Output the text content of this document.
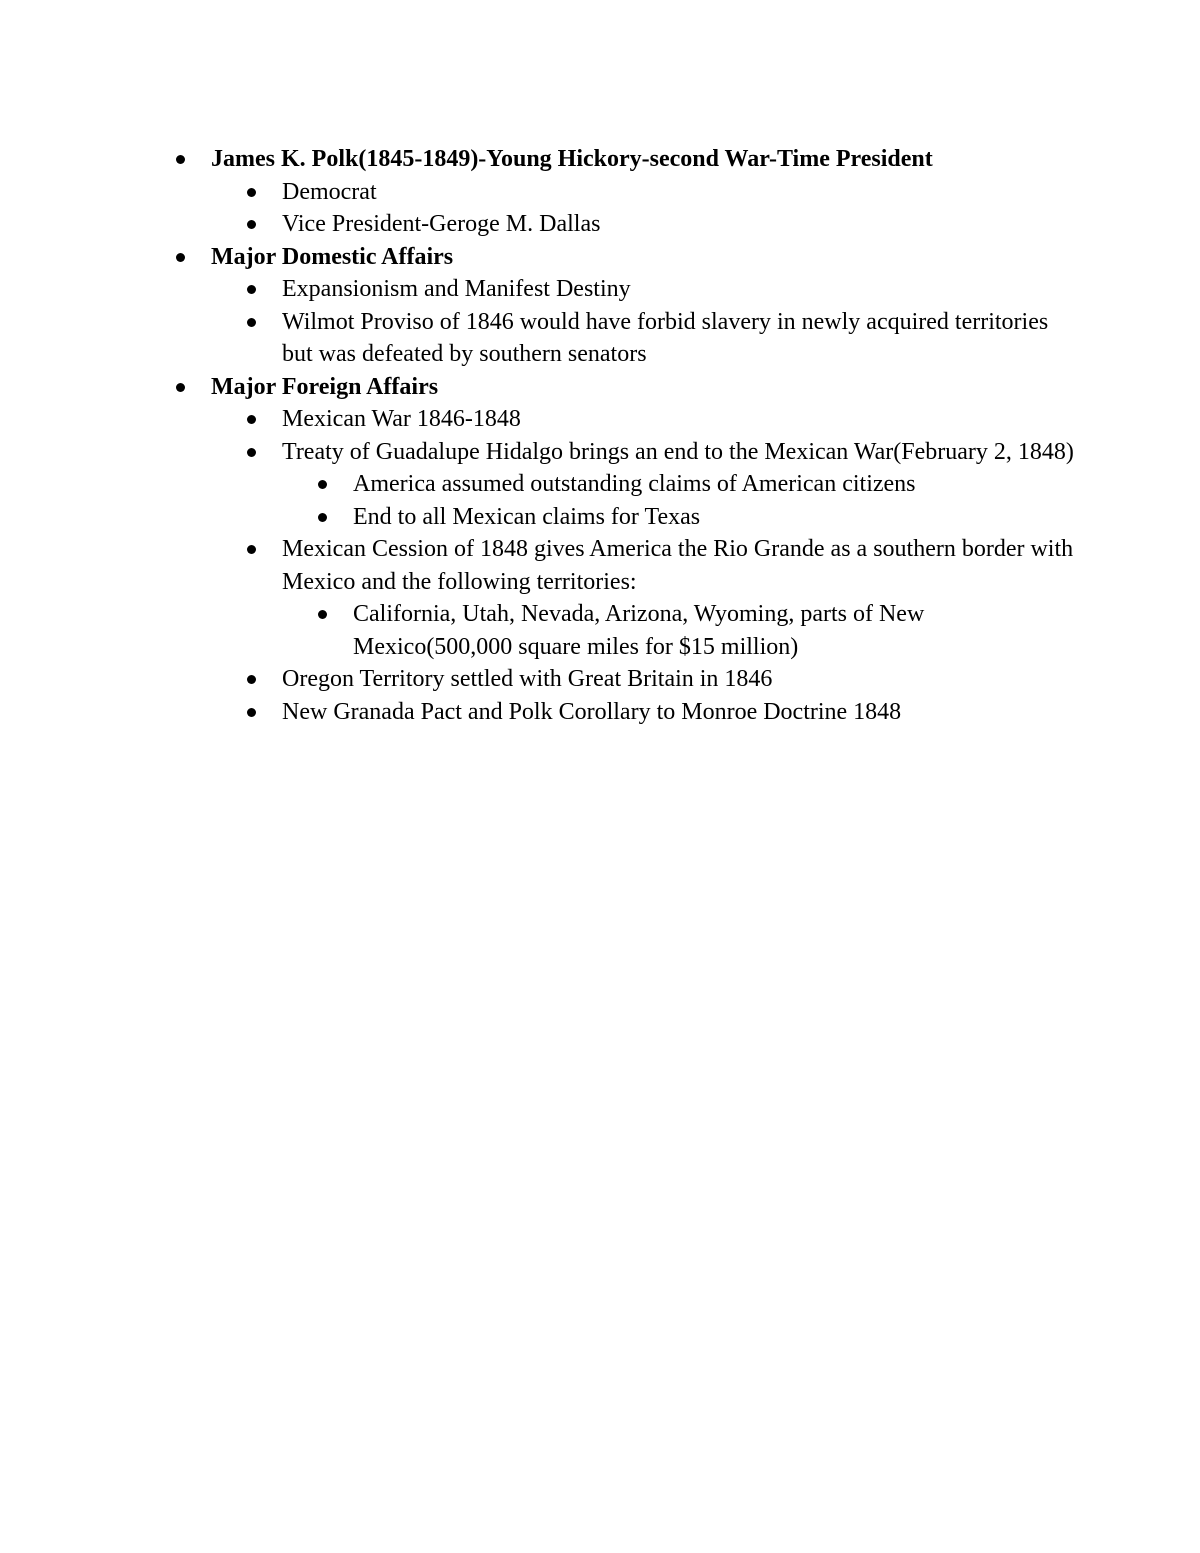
James K. Polk(1845-1849)-Young Hickory-second War-Time President
Democrat
Vice President-Geroge M. Dallas
Major Domestic Affairs
Expansionism and Manifest Destiny
Wilmot Proviso of 1846 would have forbid slavery in newly acquired territories but was defeated by southern senators
Major Foreign Affairs
Mexican War 1846-1848
Treaty of Guadalupe Hidalgo brings an end to the Mexican War(February 2, 1848)
America assumed outstanding claims of American citizens
End to all Mexican claims for Texas
Mexican Cession of 1848 gives America the Rio Grande as a southern border with Mexico and the following territories:
California, Utah, Nevada, Arizona, Wyoming, parts of New Mexico(500,000 square miles for $15 million)
Oregon Territory settled with Great Britain in 1846
New Granada Pact and Polk Corollary to Monroe Doctrine 1848
